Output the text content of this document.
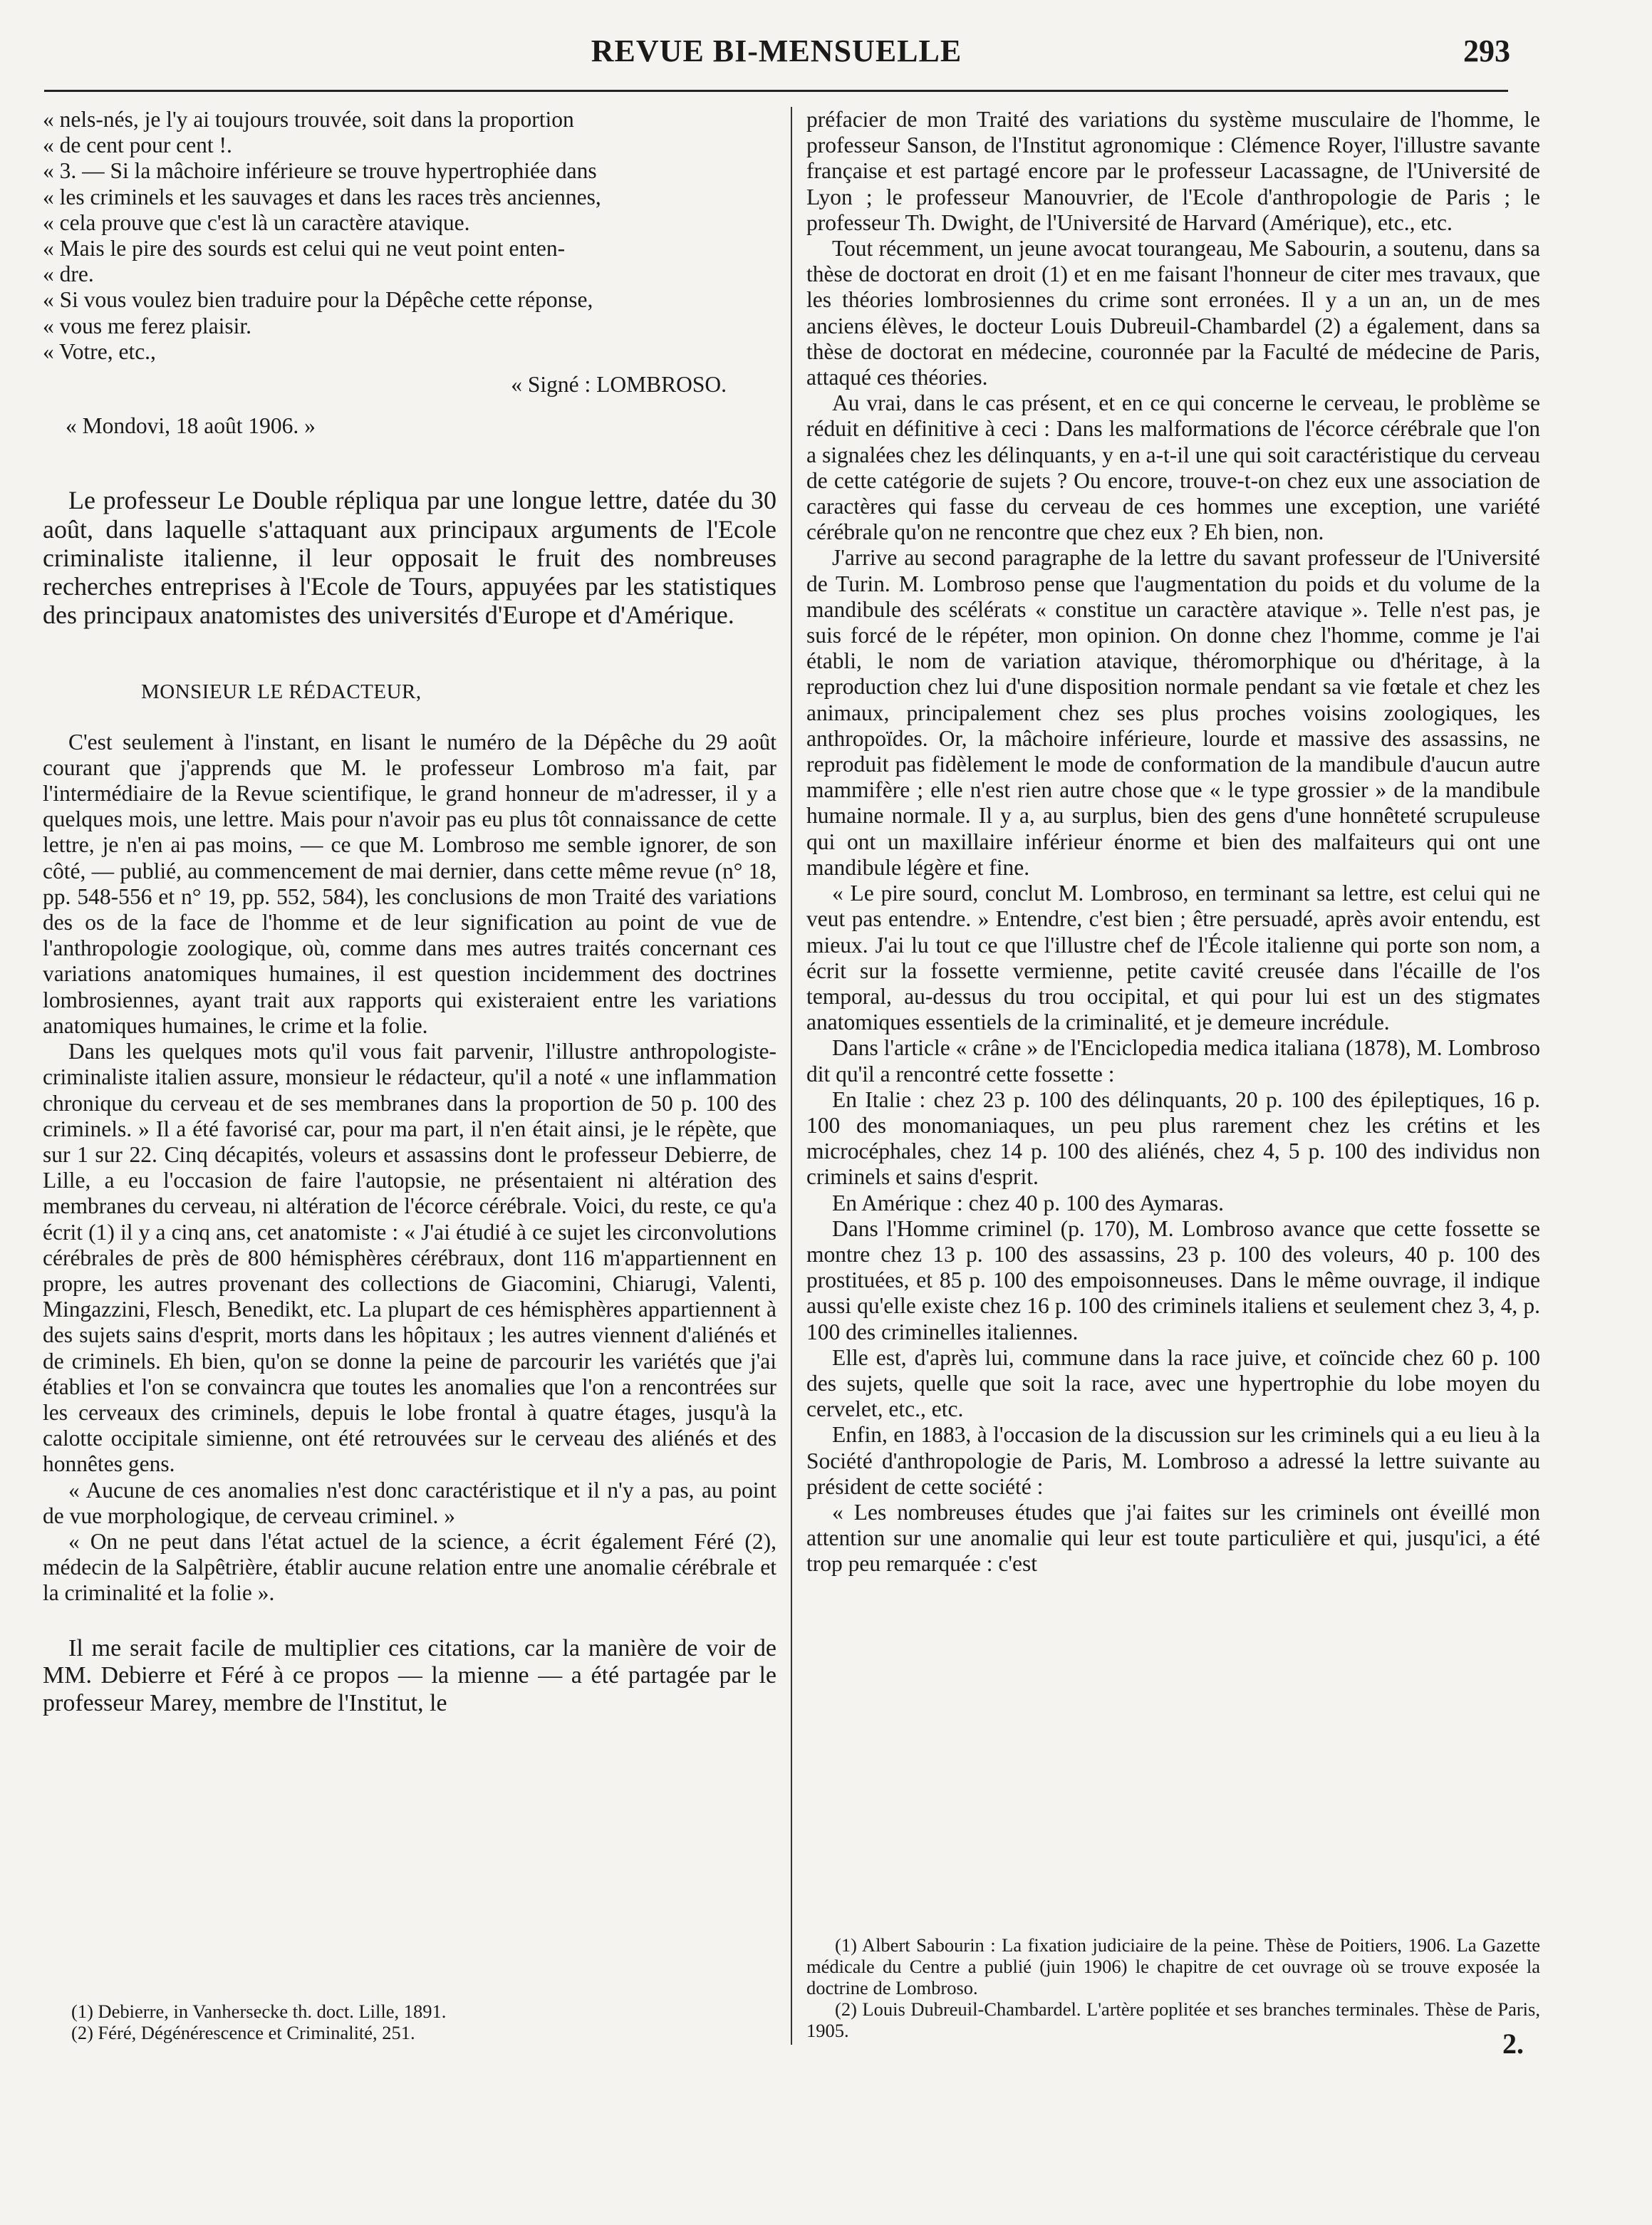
REVUE BI-MENSUELLE	293

« nels-nés, je l'y ai toujours trouvée, soit dans la proportion

« de cent pour cent !.

« 3. — Si la mâchoire inférieure se trouve hypertrophiée dans

« les criminels et les sauvages et dans les races très anciennes,

« cela prouve que c'est là un caractère atavique.

« Mais le pire des sourds est celui qui ne veut point enten-

« dre.

« Si vous voulez bien traduire pour la Dépêche cette réponse,

« vous me ferez plaisir.

« Votre, etc.,

« Signé : LOMBROSO.

« Mondovi, 18 août 1906. »

Le professeur Le Double répliqua par une longue lettre, datée du 30 août, dans laquelle s'attaquant aux principaux arguments de l'Ecole criminaliste italienne, il leur opposait le fruit des nombreuses recherches entreprises à l'Ecole de Tours, appuyées par les statistiques des principaux anatomistes des universités d'Europe et d'Amérique.

MONSIEUR LE RÉDACTEUR,

C'est seulement à l'instant, en lisant le numéro de la Dépêche du 29 août courant que j'apprends que M. le professeur Lombroso m'a fait, par l'intermédiaire de la Revue scientifique, le grand honneur de m'adresser, il y a quelques mois, une lettre. Mais pour n'avoir pas eu plus tôt connaissance de cette lettre, je n'en ai pas moins, — ce que M. Lombroso me semble ignorer, de son côté, — publié, au commencement de mai dernier, dans cette même revue (n° 18, pp. 548-556 et n° 19, pp. 552, 584), les conclusions de mon Traité des variations des os de la face de l'homme et de leur signification au point de vue de l'anthropologie zoologique, où, comme dans mes autres traités concernant ces variations anatomiques humaines, il est question incidemment des doctrines lombrosiennes, ayant trait aux rapports qui existeraient entre les variations anatomiques humaines, le crime et la folie.

Dans les quelques mots qu'il vous fait parvenir, l'illustre anthropologiste-criminaliste italien assure, monsieur le rédacteur, qu'il a noté « une inflammation chronique du cerveau et de ses membranes dans la proportion de 50 p. 100 des criminels. » Il a été favorisé car, pour ma part, il n'en était ainsi, je le répète, que sur 1 sur 22. Cinq décapités, voleurs et assassins dont le professeur Debierre, de Lille, a eu l'occasion de faire l'autopsie, ne présentaient ni altération des membranes du cerveau, ni altération de l'écorce cérébrale. Voici, du reste, ce qu'a écrit (1) il y a cinq ans, cet anatomiste : « J'ai étudié à ce sujet les circonvolutions cérébrales de près de 800 hémisphères cérébraux, dont 116 m'appartiennent en propre, les autres provenant des collections de Giacomini, Chiarugi, Valenti, Mingazzini, Flesch, Benedikt, etc. La plupart de ces hémisphères appartiennent à des sujets sains d'esprit, morts dans les hôpitaux ; les autres viennent d'aliénés et de criminels. Eh bien, qu'on se donne la peine de parcourir les variétés que j'ai établies et l'on se convaincra que toutes les anomalies que l'on a rencontrées sur les cerveaux des criminels, depuis le lobe frontal à quatre étages, jusqu'à la calotte occipitale simienne, ont été retrouvées sur le cerveau des aliénés et des honnêtes gens.

« Aucune de ces anomalies n'est donc caractéristique et il n'y a pas, au point de vue morphologique, de cerveau criminel. »

« On ne peut dans l'état actuel de la science, a écrit également Féré (2), médecin de la Salpêtrière, établir aucune relation entre une anomalie cérébrale et la criminalité et la folie ».

Il me serait facile de multiplier ces citations, car la manière de voir de MM. Debierre et Féré à ce propos — la mienne — a été partagée par le professeur Marey, membre de l'Institut, le

préfacier de mon Traité des variations du système musculaire de l'homme, le professeur Sanson, de l'Institut agronomique : Clémence Royer, l'illustre savante française et est partagé encore par le professeur Lacassagne, de l'Université de Lyon ; le professeur Manouvrier, de l'Ecole d'anthropologie de Paris ; le professeur Th. Dwight, de l'Université de Harvard (Amérique), etc., etc.

Tout récemment, un jeune avocat tourangeau, Me Sabourin, a soutenu, dans sa thèse de doctorat en droit (1) et en me faisant l'honneur de citer mes travaux, que les théories lombrosiennes du crime sont erronées. Il y a un an, un de mes anciens élèves, le docteur Louis Dubreuil-Chambardel (2) a également, dans sa thèse de doctorat en médecine, couronnée par la Faculté de médecine de Paris, attaqué ces théories.

Au vrai, dans le cas présent, et en ce qui concerne le cerveau, le problème se réduit en définitive à ceci : Dans les malformations de l'écorce cérébrale que l'on a signalées chez les délinquants, y en a-t-il une qui soit caractéristique du cerveau de cette catégorie de sujets ? Ou encore, trouve-t-on chez eux une association de caractères qui fasse du cerveau de ces hommes une exception, une variété cérébrale qu'on ne rencontre que chez eux ? Eh bien, non.

J'arrive au second paragraphe de la lettre du savant professeur de l'Université de Turin. M. Lombroso pense que l'augmentation du poids et du volume de la mandibule des scélérats « constitue un caractère atavique ». Telle n'est pas, je suis forcé de le répéter, mon opinion. On donne chez l'homme, comme je l'ai établi, le nom de variation atavique, théromorphique ou d'héritage, à la reproduction chez lui d'une disposition normale pendant sa vie fœtale et chez les animaux, principalement chez ses plus proches voisins zoologiques, les anthropoïdes. Or, la mâchoire inférieure, lourde et massive des assassins, ne reproduit pas fidèlement le mode de conformation de la mandibule d'aucun autre mammifère ; elle n'est rien autre chose que « le type grossier » de la mandibule humaine normale. Il y a, au surplus, bien des gens d'une honnêteté scrupuleuse qui ont un maxillaire inférieur énorme et bien des malfaiteurs qui ont une mandibule légère et fine.

« Le pire sourd, conclut M. Lombroso, en terminant sa lettre, est celui qui ne veut pas entendre. » Entendre, c'est bien ; être persuadé, après avoir entendu, est mieux. J'ai lu tout ce que l'illustre chef de l'École italienne qui porte son nom, a écrit sur la fossette vermienne, petite cavité creusée dans l'écaille de l'os temporal, au-dessus du trou occipital, et qui pour lui est un des stigmates anatomiques essentiels de la criminalité, et je demeure incrédule.

Dans l'article « crâne » de l'Enciclopedia medica italiana (1878), M. Lombroso dit qu'il a rencontré cette fossette :

En Italie : chez 23 p. 100 des délinquants, 20 p. 100 des épileptiques, 16 p. 100 des monomaniaques, un peu plus rarement chez les crétins et les microcéphales, chez 14 p. 100 des aliénés, chez 4, 5 p. 100 des individus non criminels et sains d'esprit.

En Amérique : chez 40 p. 100 des Aymaras.

Dans l'Homme criminel (p. 170), M. Lombroso avance que cette fossette se montre chez 13 p. 100 des assassins, 23 p. 100 des voleurs, 40 p. 100 des prostituées, et 85 p. 100 des empoisonneuses. Dans le même ouvrage, il indique aussi qu'elle existe chez 16 p. 100 des criminels italiens et seulement chez 3, 4, p. 100 des criminelles italiennes.

Elle est, d'après lui, commune dans la race juive, et coïncide chez 60 p. 100 des sujets, quelle que soit la race, avec une hypertrophie du lobe moyen du cervelet, etc., etc.

Enfin, en 1883, à l'occasion de la discussion sur les criminels qui a eu lieu à la Société d'anthropologie de Paris, M. Lombroso a adressé la lettre suivante au président de cette société :

« Les nombreuses études que j'ai faites sur les criminels ont éveillé mon attention sur une anomalie qui leur est toute particulière et qui, jusqu'ici, a été trop peu remarquée : c'est

(1) Debierre, in Vanhersecke th. doct. Lille, 1891.

(2) Féré, Dégénérescence et Criminalité, 251.

(1) Albert Sabourin : La fixation judiciaire de la peine. Thèse de Poitiers, 1906. La Gazette médicale du Centre a publié (juin 1906) le chapitre de cet ouvrage où se trouve exposée la doctrine de Lombroso.

(2) Louis Dubreuil-Chambardel. L'artère poplitée et ses branches terminales. Thèse de Paris, 1905.	2.
